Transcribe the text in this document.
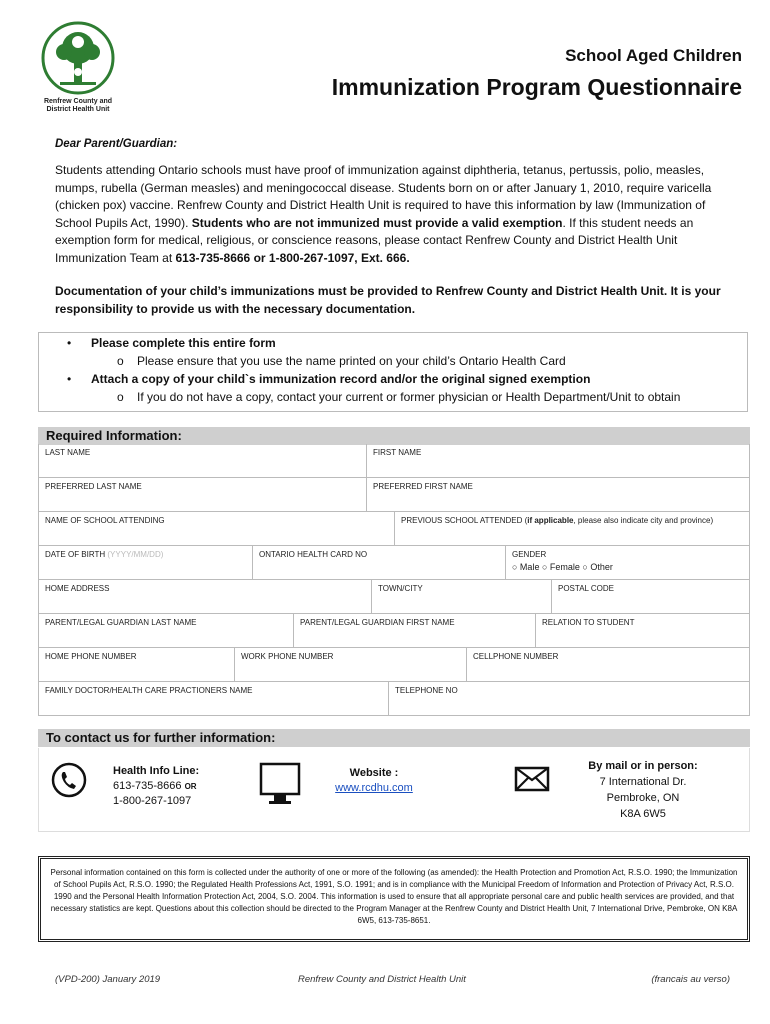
Renfrew County and District Health Unit
School Aged Children
Immunization Program Questionnaire
Dear Parent/Guardian:
Students attending Ontario schools must have proof of immunization against diphtheria, tetanus, pertussis, polio, measles, mumps, rubella (German measles) and meningococcal disease. Students born on or after January 1, 2010, require varicella (chicken pox) vaccine. Renfrew County and District Health Unit is required to have this information by law (Immunization of School Pupils Act, 1990). Students who are not immunized must provide a valid exemption. If this student needs an exemption form for medical, religious, or conscience reasons, please contact Renfrew County and District Health Unit Immunization Team at 613-735-8666 or 1-800-267-1097, Ext. 666.
Documentation of your child’s immunizations must be provided to Renfrew County and District Health Unit. It is your responsibility to provide us with the necessary documentation.
• Please complete this entire form
o Please ensure that you use the name printed on your child’s Ontario Health Card
• Attach a copy of your child`s immunization record and/or the original signed exemption
o If you do not have a copy, contact your current or former physician or Health Department/Unit to obtain
Required Information:
LAST NAME	FIRST NAME
PREFERRED LAST NAME	PREFERRED FIRST NAME
NAME OF SCHOOL ATTENDING	PREVIOUS SCHOOL ATTENDED (if applicable, please also indicate city and province)
DATE OF BIRTH (YYYY/MM/DD)	ONTARIO HEALTH CARD NO	GENDER
○ Male ○ Female ○ Other
HOME ADDRESS	TOWN/CITY	POSTAL CODE
PARENT/LEGAL GUARDIAN LAST NAME	PARENT/LEGAL GUARDIAN FIRST NAME	RELATION TO STUDENT
HOME PHONE NUMBER	WORK PHONE NUMBER	CELLPHONE NUMBER
FAMILY DOCTOR/HEALTH CARE PRACTIONERS NAME	TELEPHONE NO
To contact us for further information:
Health Info Line:
613-735-8666 OR
1-800-267-1097
Website :
www.rcdhu.com
By mail or in person:
7 International Dr.
Pembroke, ON
K8A 6W5
Personal information contained on this form is collected under the authority of one or more of the following (as amended): the Health Protection and Promotion Act, R.S.O. 1990; the Immunization of School Pupils Act, R.S.O. 1990; the Regulated Health Professions Act, 1991, S.O. 1991; and is in compliance with the Municipal Freedom of Information and Protection of Privacy Act, R.S.O. 1990 and the Personal Health Information Protection Act, 2004, S.O. 2004. This information is used to ensure that all appropriate personal care and public health services are provided, and that necessary statistics are kept. Questions about this collection should be directed to the Program Manager at the Renfrew County and District Health Unit, 7 International Drive, Pembroke, ON K8A 6W5, 613-735-8651.
(VPD-200) January 2019	Renfrew County and District Health Unit	(francais au verso)
